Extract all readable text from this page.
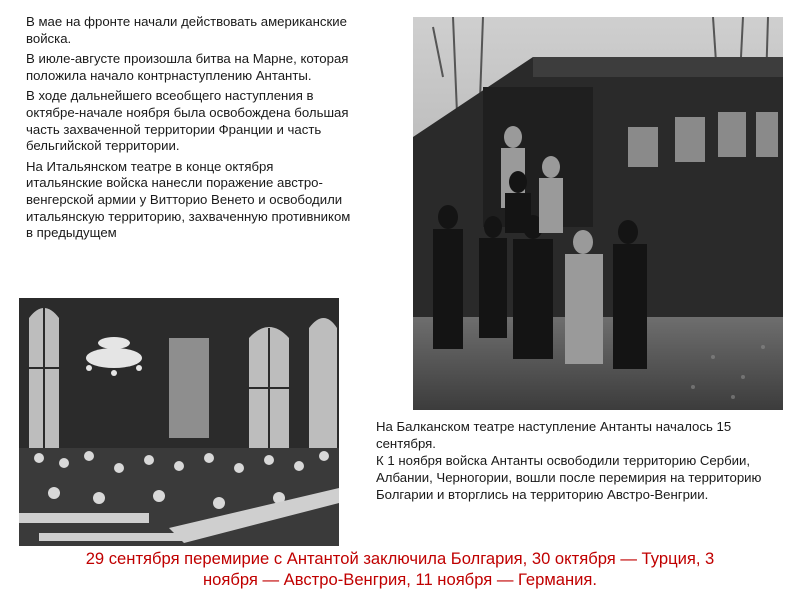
В мае на фронте начали действовать американские войска.

В июле-августе произошла битва на Марне, которая положила начало контрнаступлению Антанты.

В ходе дальнейшего всеобщего наступления в октябре-начале ноября была освобождена большая часть захваченной территории Франции и часть бельгийской территории.

На Итальянском театре в конце октября итальянские войска нанесли поражение австро-венгерской армии у Витторио Венето и освободили итальянскую территорию, захваченную противником в предыдущем

На Балканском театре наступление Антанты началось 15 сентября.

К 1 ноября войска Антанты освободили территорию Сербии, Албании, Черногории, вошли после перемирия на территорию Болгарии и вторглись на территорию Австро-Венгрии.

29 сентября перемирие с Антантой заключила Болгария, 30 октября — Турция, 3
ноября — Австро-Венгрия, 11 ноября — Германия.
